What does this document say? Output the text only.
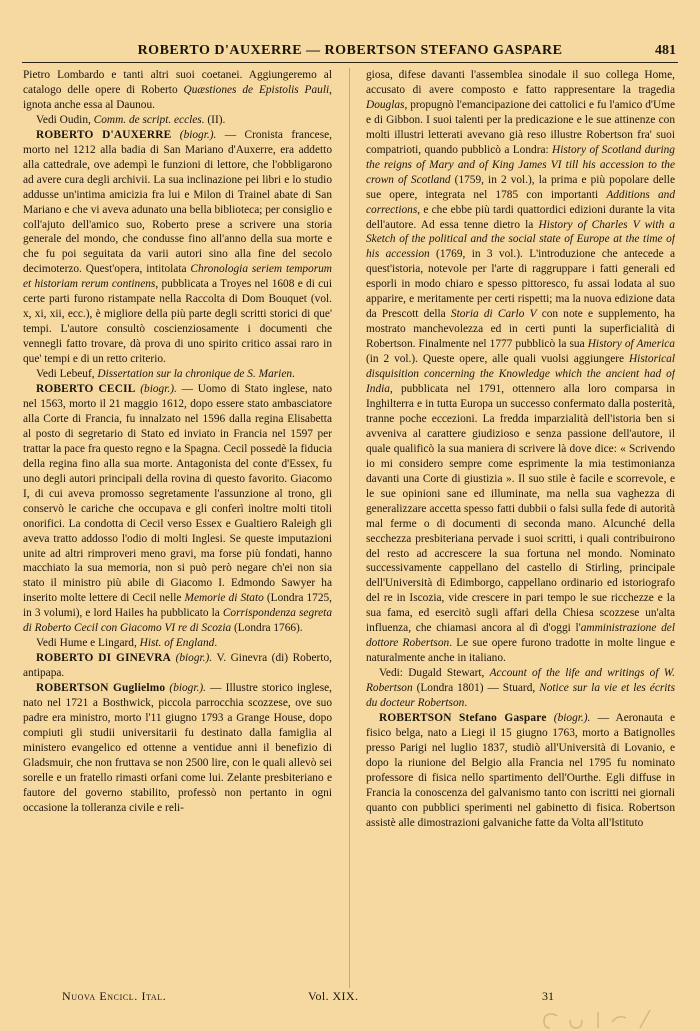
ROBERTO D'AUXERRE — ROBERTSON STEFANO GASPARE	481

Pietro Lombardo e tanti altri suoi coetanei. Aggiungeremo al catalogo delle opere di Roberto Quæstiones de Epistolis Pauli, ignota anche essa al Daunou.

Vedi Oudin, Comm. de script. eccles. (II).

ROBERTO D'AUXERRE (biogr.). — Cronista francese, morto nel 1212 alla badia di San Mariano d'Auxerre, era addetto alla cattedrale, ove adempì le funzioni di lettore, che l'obbligarono ad avere cura degli archivii. La sua inclinazione pei libri e lo studio addusse un'intima amicizia fra lui e Milon di Trainel abate di San Mariano e che vi aveva adunato una bella biblioteca; per consiglio e coll'ajuto dell'amico suo, Roberto prese a scrivere una storia generale del mondo, che condusse fino all'anno della sua morte e che fu poi seguitata da varii autori sino alla fine del secolo decimoterzo. Quest'opera, intitolata Chronologia seriem temporum et historiam rerum continens, pubblicata a Troyes nel 1608 e di cui certe parti furono ristampate nella Raccolta di Dom Bouquet (vol. x, xi, xii, ecc.), è migliore della più parte degli scritti storici di que' tempi. L'autore consultò coscienziosamente i documenti che vennegli fatto trovare, dà prova di uno spirito critico assai raro in que' tempi e di un retto criterio.

Vedi Lebeuf, Dissertation sur la chronique de S. Marien.

ROBERTO CECIL (biogr.). — Uomo di Stato inglese, nato nel 1563, morto il 21 maggio 1612, dopo essere stato ambasciatore alla Corte di Francia, fu innalzato nel 1596 dalla regina Elisabetta al posto di segretario di Stato ed inviato in Francia nel 1597 per trattar la pace fra questo regno e la Spagna. Cecil possedè la fiducia della regina fino alla sua morte. Antagonista del conte d'Essex, fu uno degli autori principali della rovina di questo favorito. Giacomo I, di cui aveva promosso segretamente l'assunzione al trono, gli conservò le cariche che occupava e gli conferì inoltre molti titoli onorifici. La condotta di Cecil verso Essex e Gualtiero Raleigh gli aveva tratto addosso l'odio di molti Inglesi. Se queste imputazioni unite ad altri rimproveri meno gravi, ma forse più fondati, hanno macchiato la sua memoria, non si può però negare ch'ei non sia stato il ministro più abile di Giacomo I. Edmondo Sawyer ha inserito molte lettere di Cecil nelle Memorie di Stato (Londra 1725, in 3 volumi), e lord Hailes ha pubblicato la Corrispondenza segreta di Roberto Cecil con Giacomo VI re di Scozia (Londra 1766).

Vedi Hume e Lingard, Hist. of England.

ROBERTO DI GINEVRA (biogr.). V. Ginevra (di) Roberto, antipapa.

ROBERTSON Guglielmo (biogr.). — Illustre storico inglese, nato nel 1721 a Bosthwick, piccola parrocchia scozzese, ove suo padre era ministro, morto l'11 giugno 1793 a Grange House, dopo compiuti gli studii universitarii fu destinato dalla famiglia al ministero evangelico ed ottenne a ventidue anni il benefizio di Gladsmuir, che non fruttava se non 2500 lire, con le quali allevò sei sorelle e un fratello rimasti orfani come lui. Zelante presbiteriano e fautore del governo stabilito, professò non pertanto in ogni occasione la tolleranza civile e reli-

giosa, difese davanti l'assemblea sinodale il suo collega Home, accusato di avere composto e fatto rappresentare la tragedia Douglas, propugnò l'emancipazione dei cattolici e fu l'amico d'Ume e di Gibbon. I suoi talenti per la predicazione e le sue attinenze con molti illustri letterati avevano già reso illustre Robertson fra' suoi compatrioti, quando pubblicò a Londra: History of Scotland during the reigns of Mary and of King James VI till his accession to the crown of Scotland (1759, in 2 vol.), la prima e più popolare delle sue opere, integrata nel 1785 con importanti Additions and corrections, e che ebbe più tardi quattordici edizioni durante la vita dell'autore. Ad essa tenne dietro la History of Charles V with a Sketch of the political and the social state of Europe at the time of his accession (1769, in 3 vol.). L'introduzione che antecede a quest'istoria, notevole per l'arte di raggruppare i fatti generali ed esporli in modo chiaro e spesso pittoresco, fu assai lodata al suo apparire, e meritamente per certi rispetti; ma la nuova edizione data da Prescott della Storia di Carlo V con note e supplemento, ha mostrato manchevolezza ed in certi punti la superficialità di Robertson. Finalmente nel 1777 pubblicò la sua History of America (in 2 vol.). Queste opere, alle quali vuolsi aggiungere Historical disquisition concerning the Knowledge which the ancient had of India, pubblicata nel 1791, ottennero alla loro comparsa in Inghilterra e in tutta Europa un successo confermato dalla posterità, tranne poche eccezioni. La fredda imparzialità dell'istoria ben si avveniva al carattere giudizioso e senza passione dell'autore, il quale qualificò la sua maniera di scrivere là dove dice: « Scrivendo io mi considero sempre come esprimente la mia testimonianza davanti una Corte di giustizia ». Il suo stile è facile e scorrevole, e le sue opinioni sane ed illuminate, ma nella sua vaghezza di generalizzare accetta spesso fatti dubbii o falsi sulla fede di autorità mal ferme o di documenti di seconda mano. Alcunché della secchezza presbiteriana pervade i suoi scritti, i quali contribuirono del resto ad accrescere la sua fortuna nel mondo. Nominato successivamente cappellano del castello di Stirling, principale dell'Università di Edimborgo, cappellano ordinario ed istoriografo del re in Iscozia, vide crescere in pari tempo le sue ricchezze e la sua fama, ed esercitò sugli affari della Chiesa scozzese un'alta influenza, che chiamasi ancora al dì d'oggi l'amministrazione del dottore Robertson. Le sue opere furono tradotte in molte lingue e naturalmente anche in italiano.

Vedi: Dugald Stewart, Account of the life and writings of W. Robertson (Londra 1801) — Stuard, Notice sur la vie et les écrits du docteur Robertson.

ROBERTSON Stefano Gaspare (biogr.). — Aeronauta e fisico belga, nato a Liegi il 15 giugno 1763, morto a Batignolles presso Parigi nel luglio 1837, studiò all'Università di Lovanio, e dopo la riunione del Belgio alla Francia nel 1795 fu nominato professore di fisica nello spartimento dell'Ourthe. Egli diffuse in Francia la conoscenza del galvanismo tanto con iscritti nei giornali quanto con pubblici sperimenti nel gabinetto di fisica. Robertson assistè alle dimostrazioni galvaniche fatte da Volta all'Istituto

Nuova Encicl. Ital.	Vol. XIX.	31
